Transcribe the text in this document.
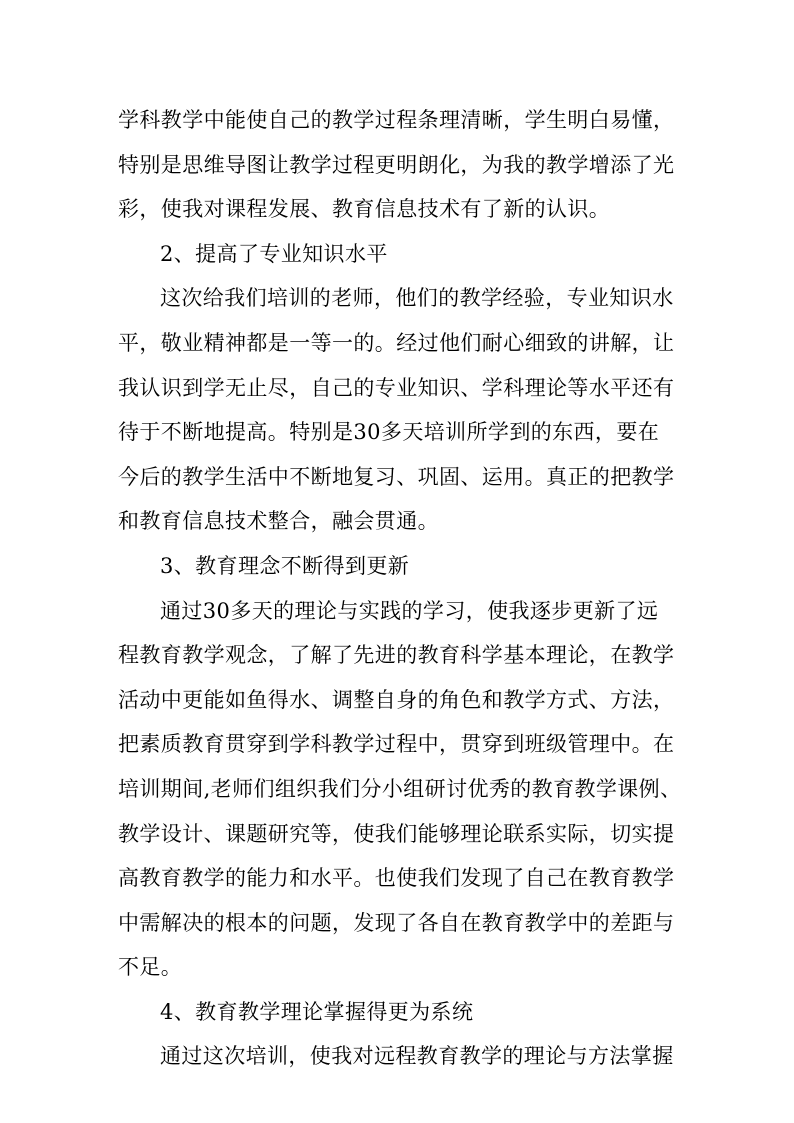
学科教学中能使自己的教学过程条理清晰，学生明白易懂，
特别是思维导图让教学过程更明朗化，为我的教学增添了光
彩，使我对课程发展、教育信息技术有了新的认识。
2、提高了专业知识水平
这次给我们培训的老师，他们的教学经验，专业知识水
平，敬业精神都是一等一的。经过他们耐心细致的讲解，让
我认识到学无止尽，自己的专业知识、学科理论等水平还有
待于不断地提高。特别是30多天培训所学到的东西，要在
今后的教学生活中不断地复习、巩固、运用。真正的把教学
和教育信息技术整合，融会贯通。
3、教育理念不断得到更新
通过30多天的理论与实践的学习，使我逐步更新了远
程教育教学观念，了解了先进的教育科学基本理论，在教学
活动中更能如鱼得水、调整自身的角色和教学方式、方法，
把素质教育贯穿到学科教学过程中，贯穿到班级管理中。在
培训期间,老师们组织我们分小组研讨优秀的教育教学课例、
教学设计、课题研究等，使我们能够理论联系实际，切实提
高教育教学的能力和水平。也使我们发现了自己在教育教学
中需解决的根本的问题，发现了各自在教育教学中的差距与
不足。
4、教育教学理论掌握得更为系统
通过这次培训，使我对远程教育教学的理论与方法掌握
